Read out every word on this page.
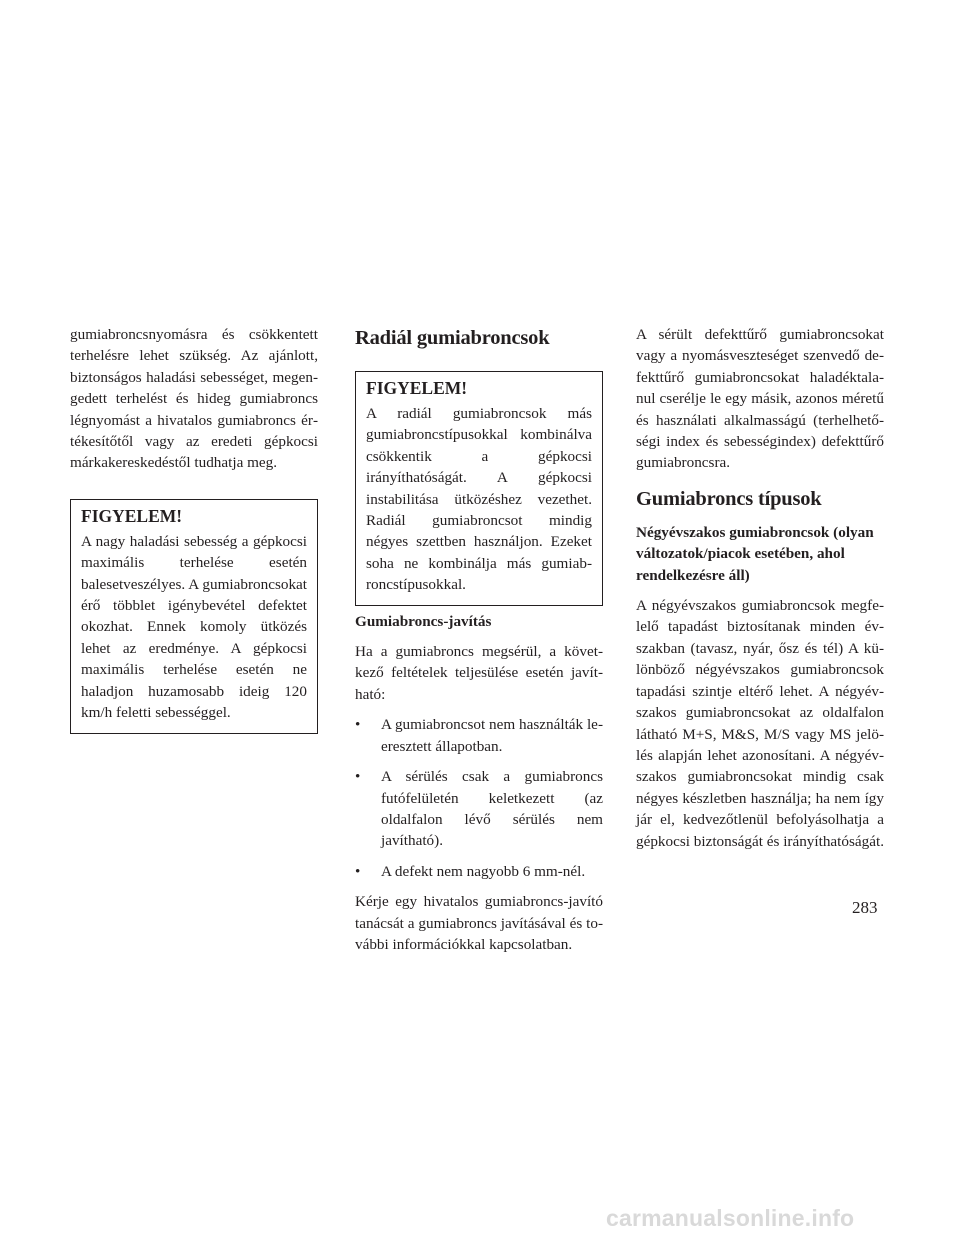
gumiabroncsnyomásra és csökkentett terhelésre lehet szükség. Az ajánlott, biztonságos haladási sebességet, megengedett terhelést és hideg gumiabroncs légnyomást a hivatalos gumiabroncs értékesítőtől vagy az eredeti gépkocsi márkakereskedéstől tudhatja meg.

FIGYELEM!

A nagy haladási sebesség a gépkocsi maximális terhelése esetén balesetveszélyes. A gumiabroncsokat érő többlet igénybevétel defektet okozhat. Ennek komoly ütközés lehet az eredménye. A gépkocsi maximális terhelése esetén ne haladjon huzamosabb ideig 120 km/h feletti sebességgel.

Radiál gumiabroncsok

FIGYELEM!

A radiál gumiabroncsok más gumiabroncstípusokkal kombinálva csökkentik a gépkocsi irányíthatóságát. A gépkocsi instabilitása ütközéshez vezethet. Radiál gumiabroncsot mindig négyes szettben használjon. Ezeket soha ne kombinálja más gumiabroncstípusokkal.

Gumiabroncs-javítás

Ha a gumiabroncs megsérül, a következő feltételek teljesülése esetén javítható:

•	A gumiabroncsot nem használták leeresztett állapotban.
•	A sérülés csak a gumiabroncs futófelületén keletkezett (az oldalfalon lévő sérülés nem javítható).
•	A defekt nem nagyobb 6 mm-nél.

Kérje egy hivatalos gumiabroncs-javító tanácsát a gumiabroncs javításával és további információkkal kapcsolatban.

A sérült defekttűrő gumiabroncsokat vagy a nyomásveszteséget szenvedő defekttűrő gumiabroncsokat haladéktalanul cserélje le egy másik, azonos méretű és használati alkalmasságú (terhelhetőségi index és sebességindex) defekttűrő gumiabroncsra.

Gumiabroncs típusok

Négyévszakos gumiabroncsok (olyan változatok/piacok esetében, ahol rendelkezésre áll)

A négyévszakos gumiabroncsok megfelelő tapadást biztosítanak minden évszakban (tavasz, nyár, ősz és tél) A különböző négyévszakos gumiabroncsok tapadási szintje eltérő lehet. A négyévszakos gumiabroncsokat az oldalfalon látható M+S, M&S, M/S vagy MS jelölés alapján lehet azonosítani. A négyévszakos gumiabroncsokat mindig csak négyes készletben használja; ha nem így jár el, kedvezőtlenül befolyásolhatja a gépkocsi biztonságát és irányíthatóságát.

283
carmanualsonline.info
